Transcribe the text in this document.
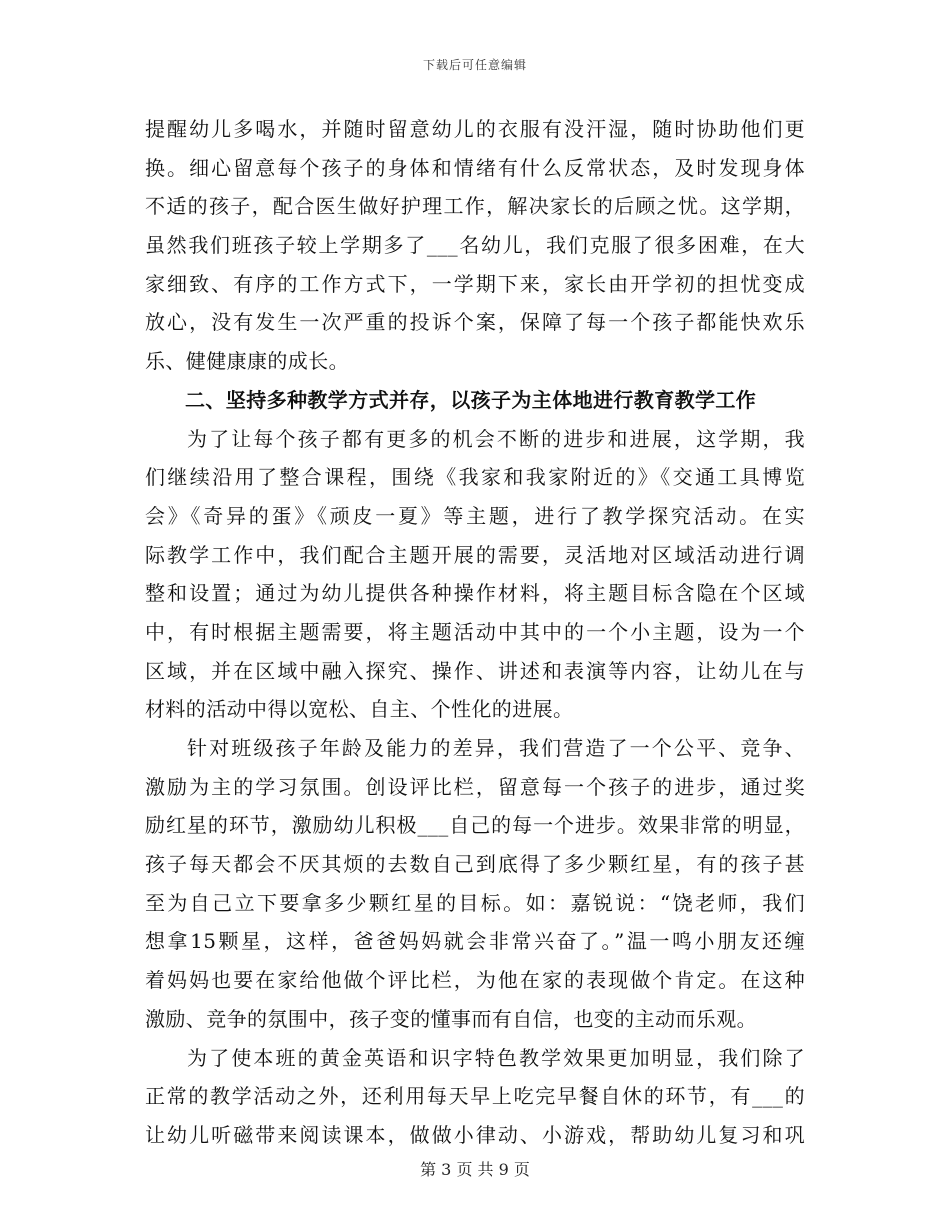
下载后可任意编辑
提醒幼儿多喝水，并随时留意幼儿的衣服有没汗湿，随时协助他们更
换。细心留意每个孩子的身体和情绪有什么反常状态，及时发现身体
不适的孩子，配合医生做好护理工作，解决家长的后顾之忧。这学期，
虽然我们班孩子较上学期多了___名幼儿，我们克服了很多困难，在大
家细致、有序的工作方式下，一学期下来，家长由开学初的担忧变成
放心，没有发生一次严重的投诉个案，保障了每一个孩子都能快欢乐
乐、健健康康的成长。
二、坚持多种教学方式并存，以孩子为主体地进行教育教学工作
为了让每个孩子都有更多的机会不断的进步和进展，这学期，我
们继续沿用了整合课程，围绕《我家和我家附近的》《交通工具博览
会》《奇异的蛋》《顽皮一夏》等主题，进行了教学探究活动。在实
际教学工作中，我们配合主题开展的需要，灵活地对区域活动进行调
整和设置；通过为幼儿提供各种操作材料，将主题目标含隐在个区域
中，有时根据主题需要，将主题活动中其中的一个小主题，设为一个
区域，并在区域中融入探究、操作、讲述和表演等内容，让幼儿在与
材料的活动中得以宽松、自主、个性化的进展。
针对班级孩子年龄及能力的差异，我们营造了一个公平、竞争、
激励为主的学习氛围。创设评比栏，留意每一个孩子的进步，通过奖
励红星的环节，激励幼儿积极___自己的每一个进步。效果非常的明显，
孩子每天都会不厌其烦的去数自己到底得了多少颗红星，有的孩子甚
至为自己立下要拿多少颗红星的目标。如：嘉锐说：“饶老师，我们
想拿15颗星，这样，爸爸妈妈就会非常兴奋了。”温一鸣小朋友还缠
着妈妈也要在家给他做个评比栏，为他在家的表现做个肯定。在这种
激励、竞争的氛围中，孩子变的懂事而有自信，也变的主动而乐观。
为了使本班的黄金英语和识字特色教学效果更加明显，我们除了
正常的教学活动之外，还利用每天早上吃完早餐自休的环节，有___的
让幼儿听磁带来阅读课本，做做小律动、小游戏，帮助幼儿复习和巩
第 3 页 共 9 页
